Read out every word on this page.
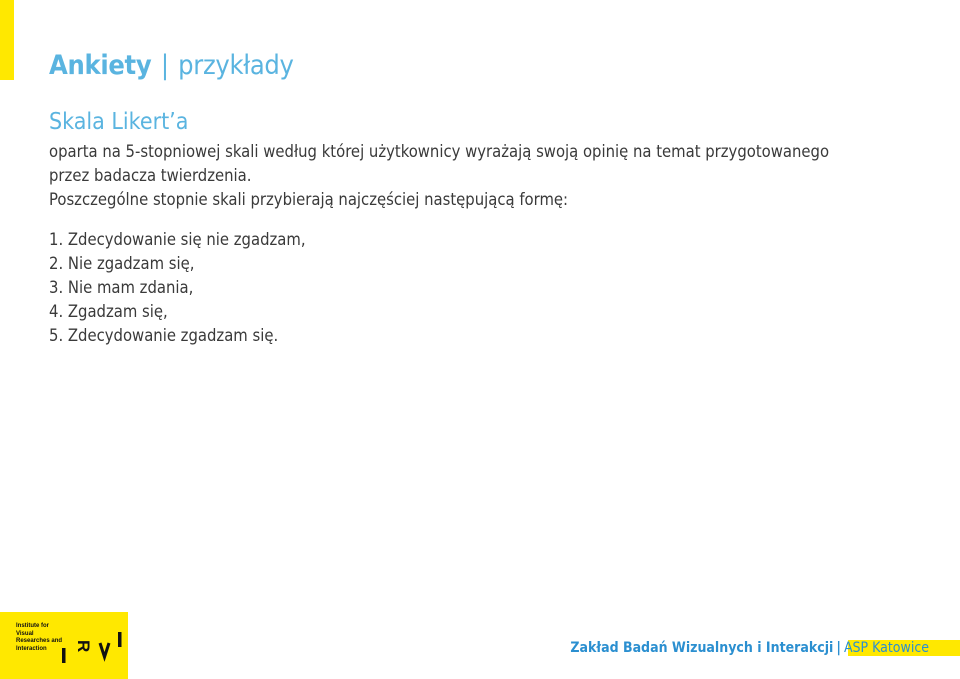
Ankiety | przykłady
Skala Likert’a

oparta na 5-stopniowej skali według której użytkownicy wyrażają swoją opinię na temat przygotowanego

przez badacza twierdzenia.

Poszczególne stopnie skali przybierają najczęściej następującą formę:

1. Zdecydowanie się nie zgadzam,
2. Nie zgadzam się,
3. Nie mam zdania,
4. Zgadzam się,
5. Zdecydowanie zgadzam się.
Institute for
Visual
Researches and
Interaction	R	Zakład Badań Wizualnych i Interakcji | ASP Katowice
